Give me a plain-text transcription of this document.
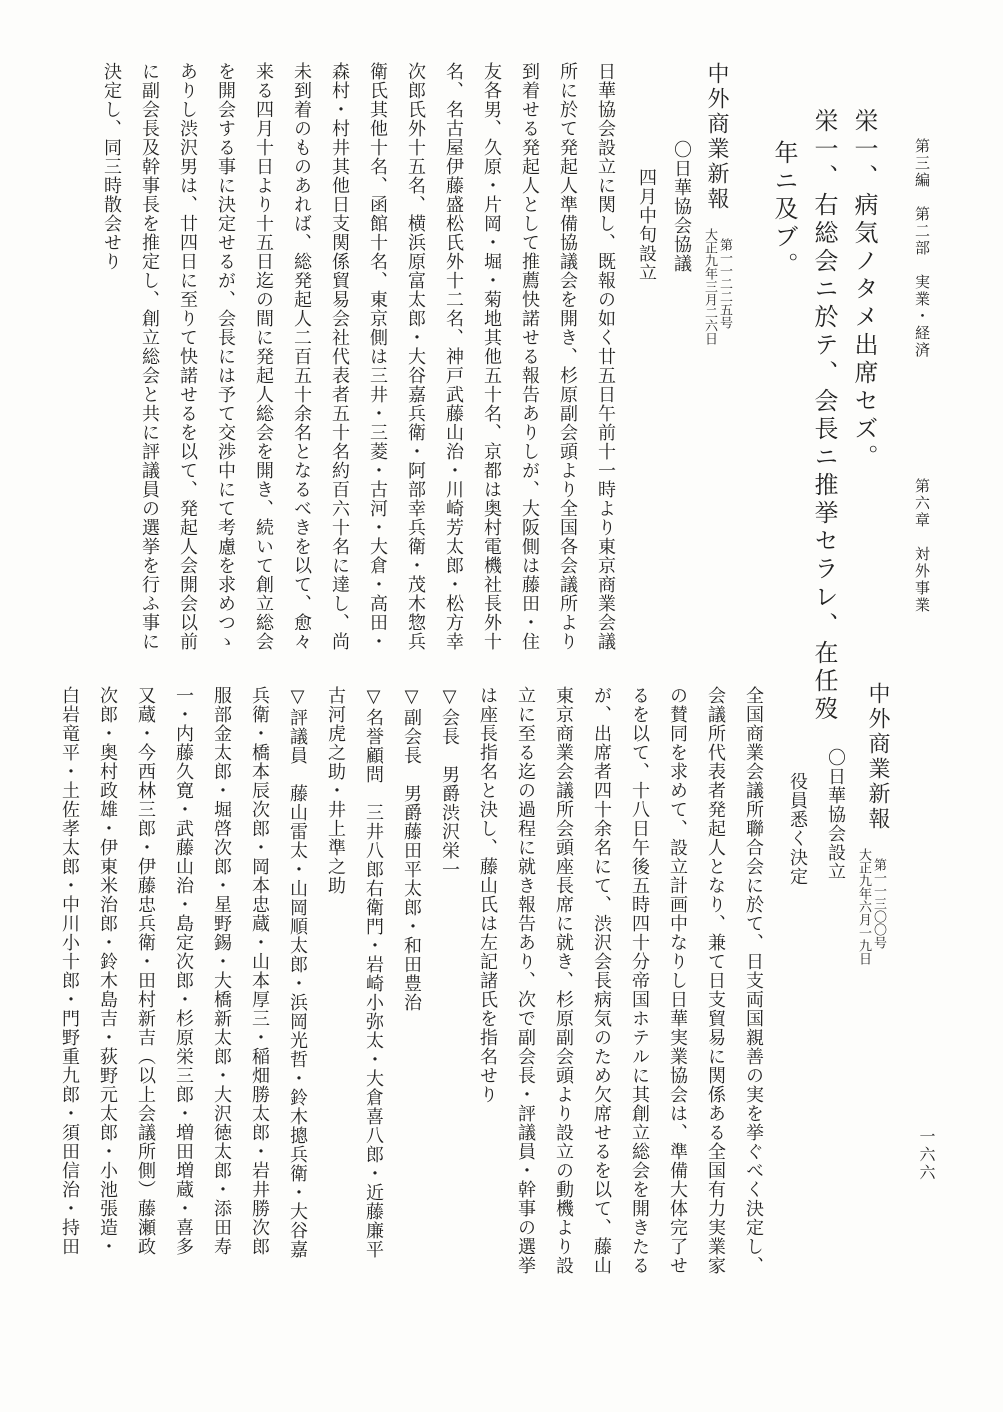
第三編　第二部　実業・経済
第六章　対外事業
栄一、病気ノタメ出席セズ。
栄一、右総会ニ於テ、会長ニ推挙セラレ、在任歿
年ニ及ブ。
中外商業新報
第一一二二五号
大正九年三月二六日
〇日華協会協議
四月中旬設立
日華協会設立に関し、既報の如く廿五日午前十一時より東京商業会議
所に於て発起人準備協議会を開き、杉原副会頭より全国各会議所より
到着せる発起人として推薦快諾せる報告ありしが、大阪側は藤田・住
友各男、久原・片岡・堀・菊地其他五十名、京都は奥村電機社長外十
名、名古屋伊藤盛松氏外十二名、神戸武藤山治・川崎芳太郎・松方幸
次郎氏外十五名、横浜原富太郎・大谷嘉兵衛・阿部幸兵衛・茂木惣兵
衛氏其他十名、函館十名、東京側は三井・三菱・古河・大倉・高田・
森村・村井其他日支関係貿易会社代表者五十名約百六十名に達し、尚
未到着のものあれば、総発起人二百五十余名となるべきを以て、愈々
来る四月十日より十五日迄の間に発起人総会を開き、続いて創立総会
を開会する事に決定せるが、会長には予て交渉中にて考慮を求めつゝ
ありし渋沢男は、廿四日に至りて快諾せるを以て、発起人会開会以前
に副会長及幹事長を推定し、創立総会と共に評議員の選挙を行ふ事に
決定し、同三時散会せり
中外商業新報
第一一三〇〇号
大正九年六月一九日
〇日華協会設立
役員悉く決定
一六六
全国商業会議所聯合会に於て、日支両国親善の実を挙ぐべく決定し、
会議所代表者発起人となり、兼て日支貿易に関係ある全国有力実業家
の賛同を求めて、設立計画中なりし日華実業協会は、準備大体完了せ
るを以て、十八日午後五時四十分帝国ホテルに其創立総会を開きたる
が、出席者四十余名にて、渋沢会長病気のため欠席せるを以て、藤山
東京商業会議所会頭座長席に就き、杉原副会頭より設立の動機より設
立に至る迄の過程に就き報告あり、次で副会長・評議員・幹事の選挙
は座長指名と決し、藤山氏は左記諸氏を指名せり
▽会長　男爵渋沢栄一
▽副会長　男爵藤田平太郎・和田豊治
▽名誉顧問　三井八郎右衛門・岩崎小弥太・大倉喜八郎・近藤廉平
古河虎之助・井上準之助
▽評議員　藤山雷太・山岡順太郎・浜岡光哲・鈴木摠兵衛・大谷嘉
兵衛・橋本辰次郎・岡本忠蔵・山本厚三・稲畑勝太郎・岩井勝次郎
服部金太郎・堀啓次郎・星野錫・大橋新太郎・大沢徳太郎・添田寿
一・内藤久寛・武藤山治・島定次郎・杉原栄三郎・増田増蔵・喜多
又蔵・今西林三郎・伊藤忠兵衛・田村新吉（以上会議所側）藤瀬政
次郎・奥村政雄・伊東米治郎・鈴木島吉・荻野元太郎・小池張造・
白岩竜平・土佐孝太郎・中川小十郎・門野重九郎・須田信治・持田
